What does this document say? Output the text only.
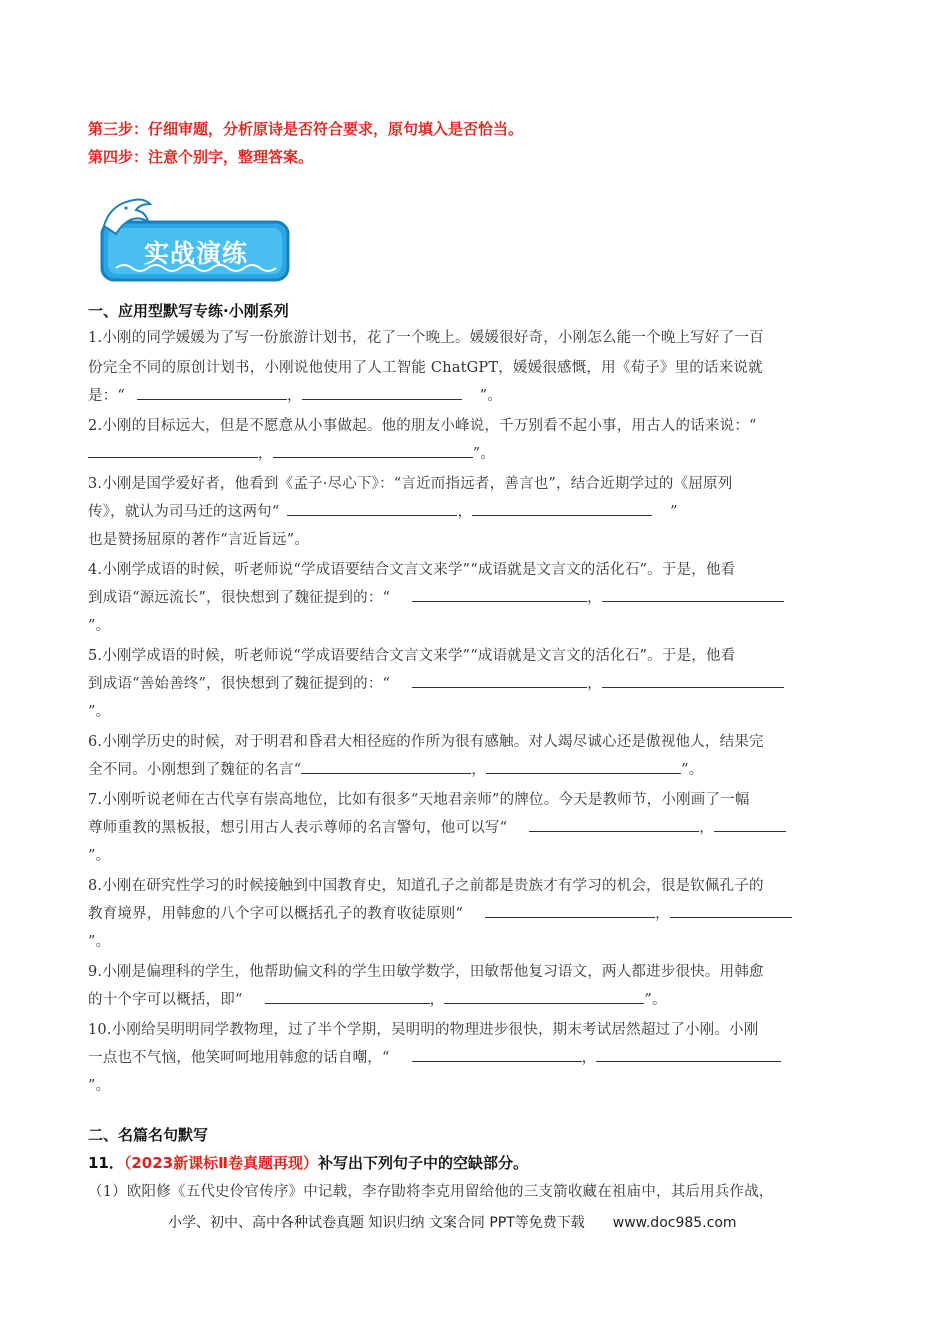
第三步：仔细审题，分析原诗是否符合要求，原句填入是否恰当。
第四步：注意个别字，整理答案。
实战演练
一、应用型默写专练·小刚系列
1.小刚的同学媛媛为了写一份旅游计划书，花了一个晚上。媛媛很好奇，小刚怎么能一个晚上写好了一百
份完全不同的原创计划书，小刚说他使用了人工智能 ChatGPT，媛媛很感慨，用《荀子》里的话来说就
是：“	，	”。
2.小刚的目标远大，但是不愿意从小事做起。他的朋友小峰说，千万别看不起小事，用古人的话来说：“
，	”。
3.小刚是国学爱好者，他看到《孟子·尽心下》：“言近而指远者，善言也”，结合近期学过的《屈原列
传》，就认为司马迁的这两句“	，	”
也是赞扬屈原的著作“言近旨远”。
4.小刚学成语的时候，听老师说“学成语要结合文言文来学”“成语就是文言文的活化石”。于是，他看
到成语“源远流长”，很快想到了魏征提到的：“	，
”。
5.小刚学成语的时候，听老师说“学成语要结合文言文来学”“成语就是文言文的活化石”。于是，他看
到成语“善始善终”，很快想到了魏征提到的：“	，
”。
6.小刚学历史的时候，对于明君和昏君大相径庭的作所为很有感触。对人竭尽诚心还是傲视他人，结果完
全不同。小刚想到了魏征的名言“	，	”。
7.小刚听说老师在古代享有崇高地位，比如有很多“天地君亲师”的牌位。今天是教师节，小刚画了一幅
尊师重教的黑板报，想引用古人表示尊师的名言警句，他可以写“	，
”。
8.小刚在研究性学习的时候接触到中国教育史，知道孔子之前都是贵族才有学习的机会，很是钦佩孔子的
教育境界，用韩愈的八个字可以概括孔子的教育收徒原则“	，
”。
9.小刚是偏理科的学生，他帮助偏文科的学生田敏学数学，田敏帮他复习语文，两人都进步很快。用韩愈
的十个字可以概括，即“	，	”。
10.小刚给吴明明同学教物理，过了半个学期，吴明明的物理进步很快，期末考试居然超过了小刚。小刚
一点也不气恼，他笑呵呵地用韩愈的话自嘲，“	，
”。
二、名篇名句默写
11．（2023新课标Ⅱ卷真题再现）补写出下列句子中的空缺部分。
（1）欧阳修《五代史伶官传序》中记载，李存勖将李克用留给他的三支箭收藏在祖庙中，其后用兵作战，
小学、初中、高中各种试卷真题 知识归纳 文案合同 PPT等免费下载　　www.doc985.com
